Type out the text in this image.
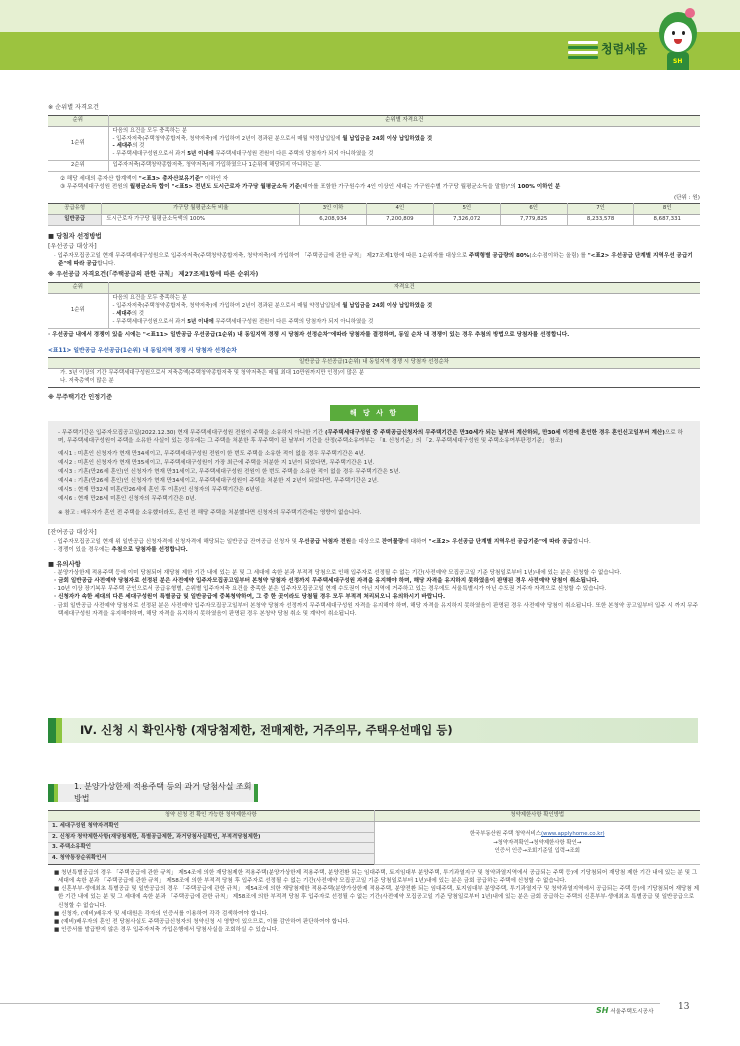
청렴세움
SH
※ 순위별 자격요건
순위	순위별 자격요건
1순위	다음의 요건을 모두 충족하는 분
- 입주자저축(주택청약종합저축, 청약저축)에 가입하여 2년이 경과된 분으로서 매월 약정납입일에 월 납입금을 24회 이상 납입하였을 것
- 세대주의 것
- 무주택세대구성원으로서 과거 5년 이내에 무주택세대구성원 전원이 다른 주택의 당첨자가 되지 아니하였을 것

2순위	입주자저축(주택청약종합저축, 청약저축)에 가입하였으나 1순위에 해당되지 아니하는 분.
② 해당 세대의 총자산 합계액이 "<표3> 총자산보유기준" 이하인 자
③ 무주택세대구성원 전원의 월평균소득 합이 "<표5> 전년도 도시근로자 가구당 월평균소득 기준(태아를 포함한 가구원수가 4인 이상인 세대는 가구원수별 가구당 월평균소득을 말함)"의 100% 이하인 분
(단위 : 원)
공급유형	가구당 월평균소득 비율	3인 이하	4인	5인	6인	7인	8인
일반공급	도시근로자 가구당 월평균소득액의 100%	6,208,934	7,200,809	7,326,072	7,779,825	8,233,578	8,687,331
■ 당첨자 선정방법
[우선공급 대상자]
· 입주자모집공고일 현재 무주택세대구성원으로 입주자저축(주택청약종합저축, 청약저축)에 가입하여 「주택공급에 관한 규칙」 제27조제1항에 따른 1순위자를 대상으로 주택형별 공급량의 80%(소수점이하는 올림) 를 "<표2> 우선공급 단계별 지역우선 공급기준"에 따라 공급합니다.
※ 우선공급 자격요건(「주택공급의 관한 규칙」 제27조제1항에 따른 순위자)
순위	자격요건
1순위	다음의 요건을 모두 충족하는 분
- 입주자저축(주택청약종합저축, 청약저축)에 가입하여 2년이 경과된 분으로서 매월 약정납입일에 월 납입금을 24회 이상 납입하였을 것
- 세대주의 것
- 무주택세대구성원으로서 과거 5년 이내에 무주택세대구성원 전원이 다른 주택의 당첨자가 되지 아니하였을 것
· 우선공급 내에서 경쟁이 있을 시에는 "<표11> 일반공급 우선공급(1순위) 내 동일지역 경쟁 시 당첨자 선정순차"에따라 당첨자를 결정하며, 동일 순차 내 경쟁이 있는 경우 추첨의 방법으로 당첨자를 선정합니다.
<표11> 일반공급 우선공급(1순위) 내 동일지역 경쟁 시 당첨자 선정순차
일반공급 우선공급(1순위) 내 동일지역 경쟁 시 당첨자 선정순차

가. 3년 이상의 기간 무주택세대구성원으로서 저축총액(주택청약종합저축 및 청약저축은 매월 최대 10만원까지만 인정)이 많은 분
나. 저축총액이 많은 분
※ 무주택기간 인정기준
해 당 사 항

- 무주택기간은 입주자모집공고일(2022.12.30) 현재 무주택세대구성원 전원이 주택을 소유하지 아니한 기간 (무주택세대구성원 중 주택공급신청자의 무주택기간은 만30세가 되는 날부터 계산하되, 만30세 이전에 혼인한 경우 혼인신고일부터 계산)으로 하며, 무주택세대구성원이 주택을 소유한 사실이 있는 경우에는 그 주택을 처분한 후 무주택이 된 날부터 기간을 산정(주택소유여부는 「Ⅱ. 신청기준」의 「2. 무주택세대구성원 및 주택소유여부판정기준」 참조)

예시1 : 미혼인 신청자가 현재 만34세이고, 무주택세대구성원 전원이 한 번도 주택을 소유한 적이 없을 경우 무주택기간은 4년.

예시2 : 미혼인 신청자가 현재 만35세이고, 무주택세대구성원이 가장 최근에 주택을 처분한 지 1년이 되었다면, 무주택기간은 1년.

예시3 : 기혼(만26세 혼인)인 신청자가 현재 만31세이고, 무주택세대구성원 전원이 한 번도 주택을 소유한 적이 없을 경우 무주택기간은 5년.

예시4 : 기혼(만26세 혼인)인 신청자가 현재 만34세이고, 무주택세대구성원이 주택을 처분한 지 2년이 되었다면, 무주택기간은 2년.

예시5 : 현재 만32세 미혼(만26세에 혼인 후 이혼)인 신청자의 무주택기간은 6년임.

예시6 : 현재 만28세 미혼인 신청자의 무주택기간은 0년.

※ 참고 : 배우자가 혼인 전 주택을 소유했더라도, 혼인 전 해당 주택을 처분했다면 신청자의 무주택기간에는 영향이 없습니다.

[잔여공급 대상자]
· 입주자모집공고일 현재 위 일반공급 신청자격에 신청자격에 해당되는 일반공급 잔여공급 신청자 및 우선공급 낙첨자 전원을 대상으로 잔여물량에 대하여 "<표2> 우선공급 단계별 지역우선 공급기준"에 따라 공급합니다.
· 경쟁이 있을 경우에는 추첨으로 당첨자를 선정합니다.
■ 유의사항
· 분양가상한제 적용주택 등에 이미 당첨되어 재당첨 제한 기간 내에 있는 분 및 그 세대에 속한 분과 부적격 당첨으로 인해 입주자로 선정될 수 없는 기간(사전예약 모집공고일 기준 당첨일로부터 1년)내에 있는 분은 신청할 수 없습니다.
· 금회 일반공급 사전예약 당첨자로 선정된 분은 사전예약 입주자모집공고일부터 본청약 당첨자 선정까지 무주택세대구성원 자격을 유지해야 하며, 해당 자격을 유지하지 못하였음이 판명된 경우 사전예약 당첨이 취소됩니다.
· 10년 이상 장기복무 무주택 군인으로서 공급유형별, 순위별 입주자저축 요건을 충족한 분은 입주자모집공고일 현재 수도권이 아닌 지역에 거주하고 있는 경우에도 서울특별시가 아닌 수도권 거주자 자격으로 신청할 수 있습니다.
· 신청자가 속한 세대의 다른 세대구성원이 특별공급 및 일반공급에 중복청약하여, 그 중 한 곳이라도 당첨될 경우 모두 부적격 처리되오니 유의하시기 바랍니다.
· 금회 일반공급 사전예약 당첨자로 선정된 분은 사전예약 입주자모집공고일부터 본청약 당첨자 선정까지 무주택세대구성원 자격을 유지해야 하며, 해당 자격을 유지하지 못하였음이 판명된 경우 사전예약 당첨이 취소됩니다. 또한 본청약 공고일부터 입주 시 까지 무주택세대구성원 자격을 유지해야하며, 해당 자격을 유지하지 못하였음이 판명된 경우 본청약 당첨 취소 및 계약이 취소됩니다.
Ⅳ. 신청 시 확인사항 (재당첨제한, 전매제한, 거주의무, 주택우선매입 등)
1. 분양가상한제 적용주택 등의 과거 당첨사실 조회 방법
청약 신청 전 확인 가능한 청약제한사항	청약제한사항 확인방법
1. 세대구성원 청약자격확인	한국부동산원 주택 청약서비스(www.applyhome.co.kr)
→청약자격확인→청약제한사항 확인→
인증서 인증→조회기준일 입력→조회

2. 신청자 청약제한사항(재당첨제한, 특별공급제한, 과거당첨사실확인, 부적격당첨제한)	
3. 주택소유확인	
4. 청약통장순위확인서	
■ 청년특별공급의 경우 「주택공급에 관한 규칙」 제54조에 의한 재당첨제한 적용주택(분양가상한제 적용주택, 분양전환 되는 임대주택, 토지임대부 분양주택, 투기과열지구 및 청약과열지역에서 공급되는 주택 등)에 기당첨되어 재당첨 제한 기간 내에 있는 분 및 그 세대에 속한 분과 「주택공급에 관한 규칙」 제58조에 의한 부적격 당첨 후 입주자로 선정될 수 없는 기간(사전예약 모집공고일 기준 당첨일로부터 1년)내에 있는 분은 금회 공급하는 주택에 신청할 수 없습니다.
■ 신혼부부·생애최초 특별공급 및 일반공급의 경우 「주택공급에 관한 규칙」 제54조에 의한 재당첨제한 적용주택(분양가상한제 적용주택, 분양전환 되는 임대주택, 토지임대부 분양주택, 투기과열지구 및 청약과열지역에서 공급되는 주택 등)에 기당첨되어 재당첨 제한 기간 내에 있는 분 및 그 세대에 속한 분과 「주택공급에 관한 규칙」 제58조에 의한 부적격 당첨 후 입주자로 선정될 수 없는 기간(사전예약 모집공고일 기준 당첨일로부터 1년)내에 있는 분은 금회 공급하는 주택의 신혼부부·생애최초 특별공급 및 일반공급으로 신청할 수 없습니다.
■ 신청자, (예비)배우자 및 세대원은 각자의 인증서를 이용하여 각각 검색하여야 합니다.
■ (예비)배우자의 혼인 전 당첨사실도 주택공급신청자의 청약신청 시 영향이 있으므로, 이를 감안하여 판단하여야 합니다.
■ 인증서를 발급받지 않은 경우 입주자저축 가입은행에서 당첨사실을 조회하실 수 있습니다.
SH 서울주택도시공사	13
